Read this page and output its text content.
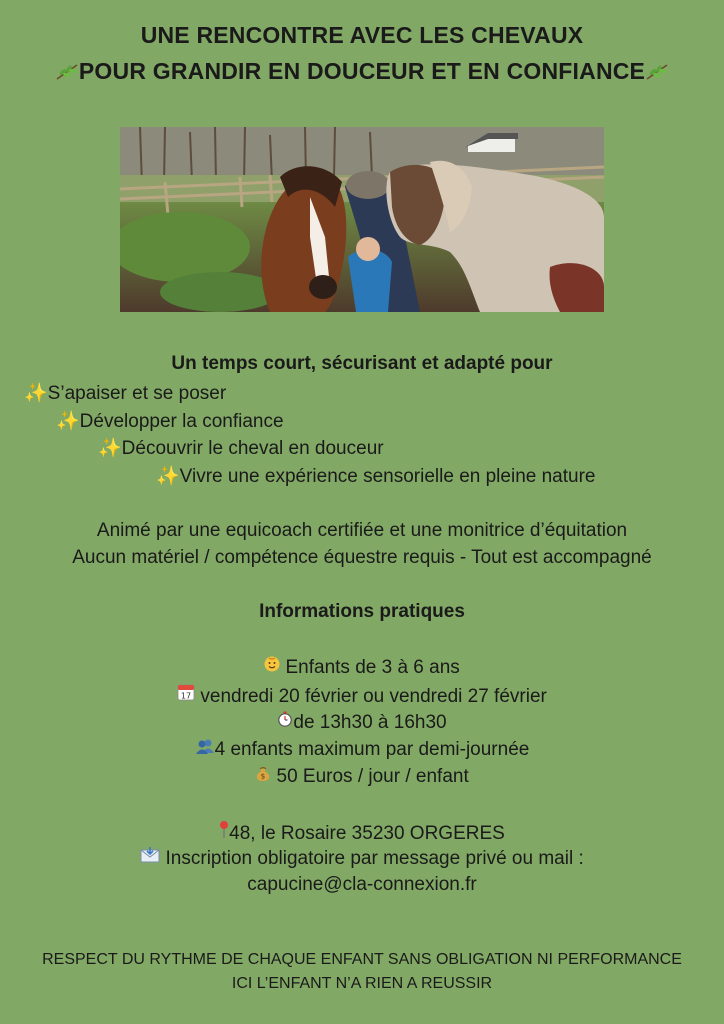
UNE RENCONTRE AVEC LES CHEVAUX
POUR GRANDIR EN DOUCEUR ET EN CONFIANCE
Un temps court, sécurisant et adapté pour
✨S’apaiser et se poser
✨Développer la confiance
✨Découvrir le cheval en douceur
✨Vivre une expérience sensorielle en pleine nature
Animé par une equicoach certifiée et une monitrice d’équitation
Aucun matériel / compétence équestre requis - Tout est accompagné
Informations pratiques
Enfants de 3 à 6 ans
17 vendredi 20 février ou vendredi 27 février
de 13h30 à 16h30
4 enfants maximum par demi-journée
$ 50 Euros / jour / enfant
48, le Rosaire 35230 ORGERES
Inscription obligatoire par message privé ou mail :
capucine@cla-connexion.fr
RESPECT DU RYTHME DE CHAQUE ENFANT SANS OBLIGATION NI PERFORMANCE
ICI L’ENFANT N’A RIEN A REUSSIR
